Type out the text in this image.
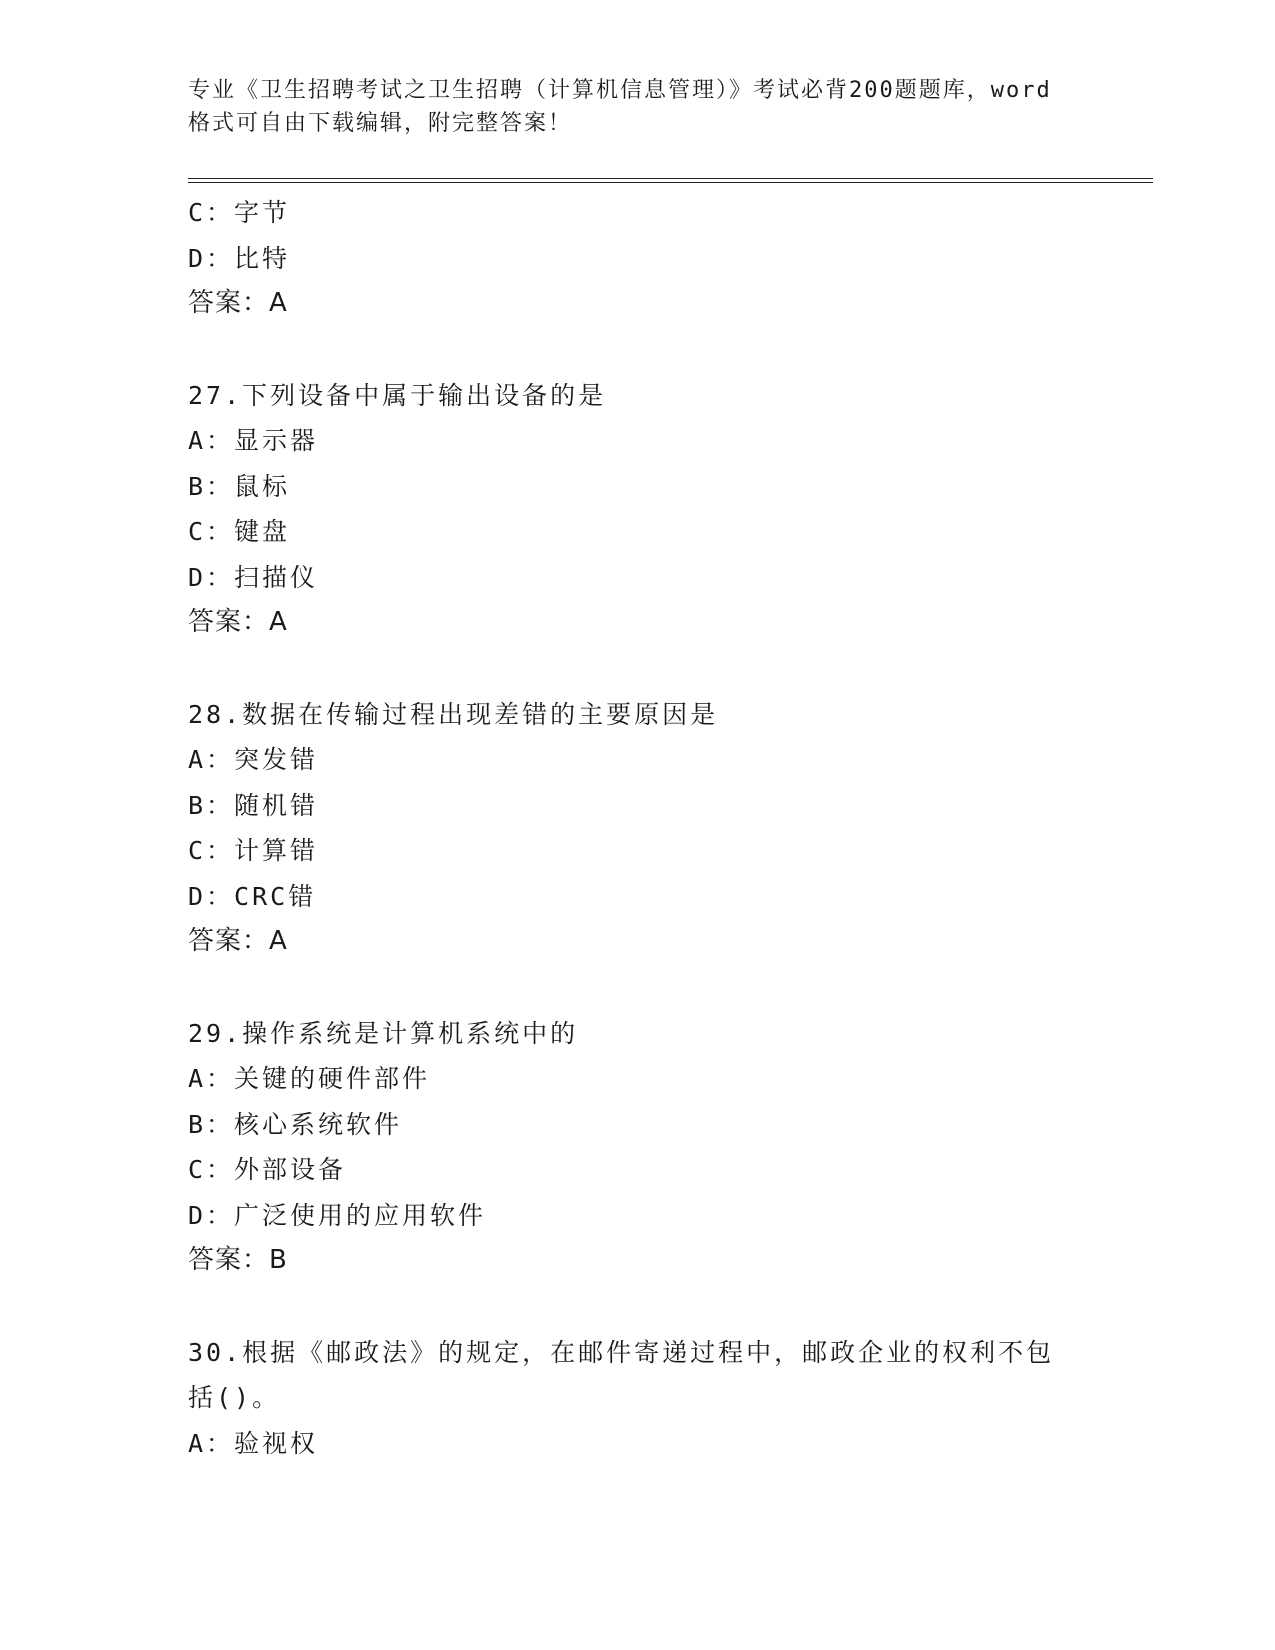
专业《卫生招聘考试之卫生招聘（计算机信息管理）》考试必背200题题库，word
格式可自由下载编辑，附完整答案！
C：字节
D：比特
答案：A
27.下列设备中属于输出设备的是
A：显示器
B：鼠标
C：键盘
D：扫描仪
答案：A
28.数据在传输过程出现差错的主要原因是
A：突发错
B：随机错
C：计算错
D：CRC错
答案：A
29.操作系统是计算机系统中的
A：关键的硬件部件
B：核心系统软件
C：外部设备
D：广泛使用的应用软件
答案：B
30.根据《邮政法》的规定，在邮件寄递过程中，邮政企业的权利不包
括()。
A：验视权
